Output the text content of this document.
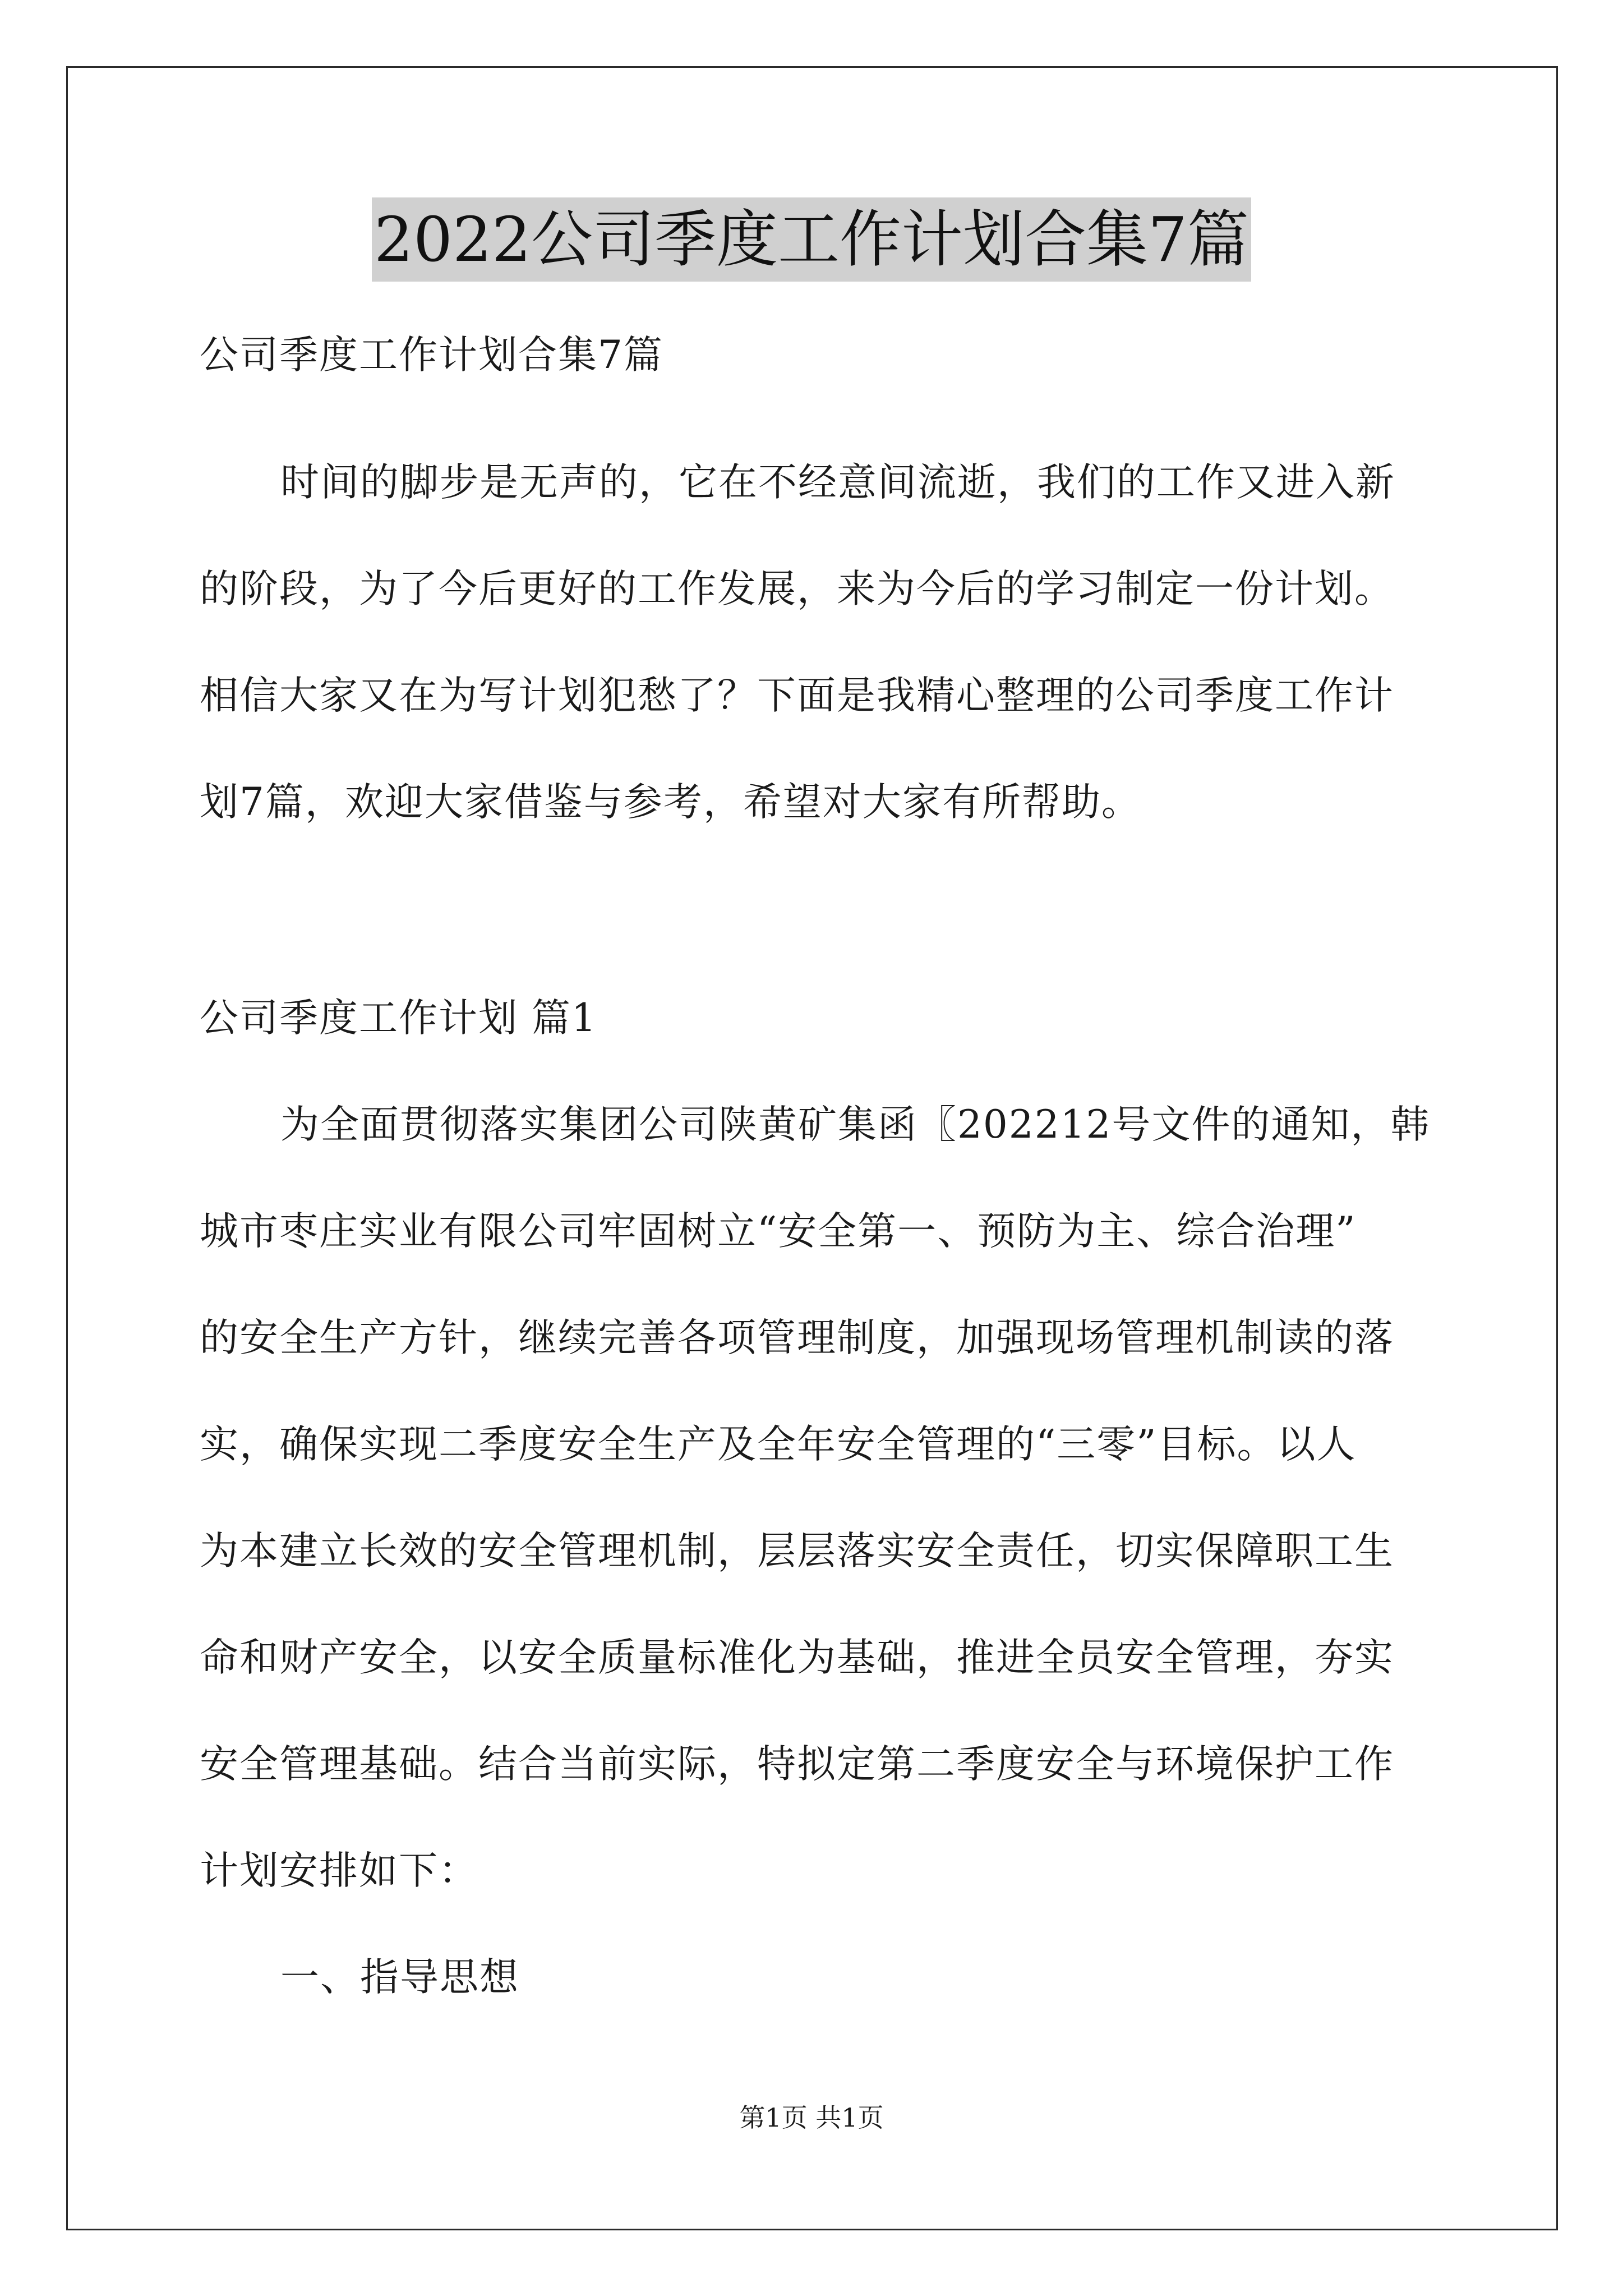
2022公司季度工作计划合集7篇
公司季度工作计划合集7篇
时间的脚步是无声的，它在不经意间流逝，我们的工作又进入新
的阶段，为了今后更好的工作发展，来为今后的学习制定一份计划。
相信大家又在为写计划犯愁了？下面是我精心整理的公司季度工作计
划7篇，欢迎大家借鉴与参考，希望对大家有所帮助。
公司季度工作计划 篇1
为全面贯彻落实集团公司陕黄矿集函〖202212号文件的通知，韩
城市枣庄实业有限公司牢固树立“安全第一、预防为主、综合治理”
的安全生产方针，继续完善各项管理制度，加强现场管理机制读的落
实，确保实现二季度安全生产及全年安全管理的“三零”目标。以人
为本建立长效的安全管理机制，层层落实安全责任，切实保障职工生
命和财产安全，以安全质量标准化为基础，推进全员安全管理，夯实
安全管理基础。结合当前实际，特拟定第二季度安全与环境保护工作
计划安排如下：
一、指导思想
第1页 共1页
